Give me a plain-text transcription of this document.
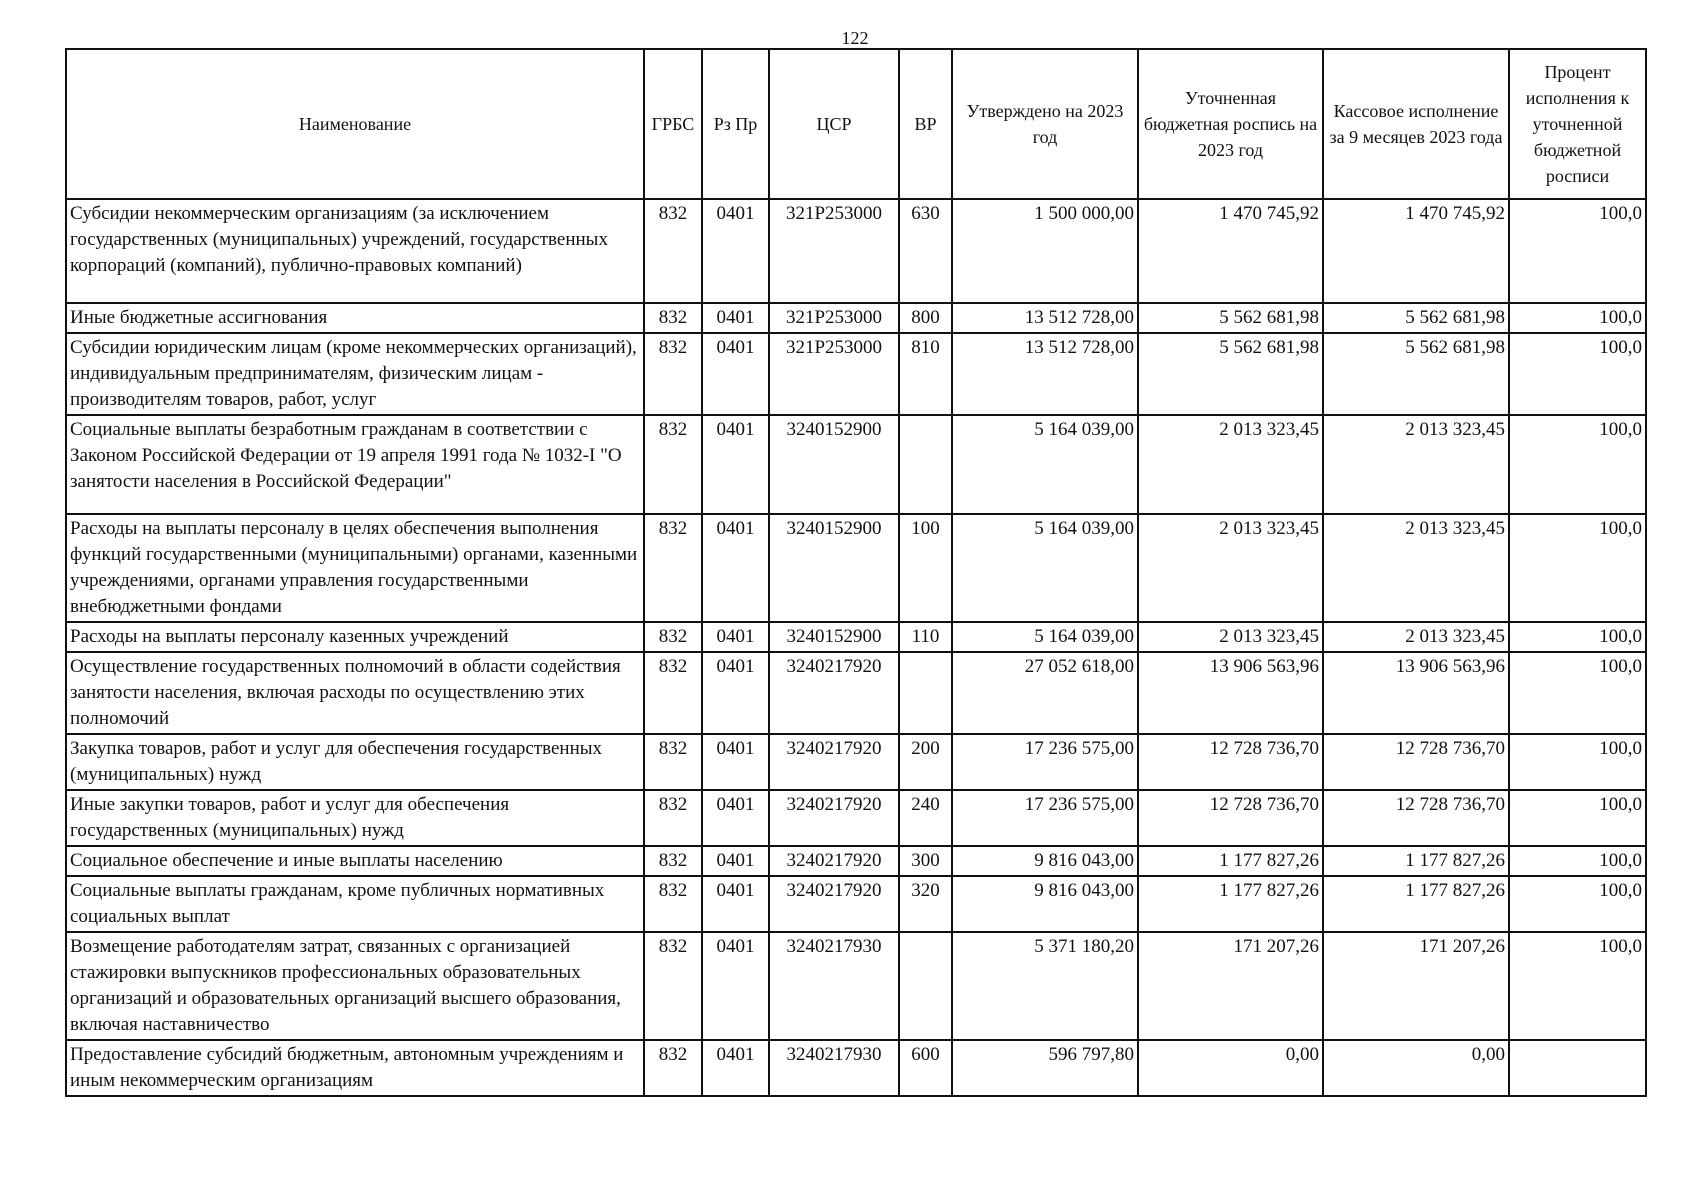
122
Наименование	ГРБС	Рз Пр	ЦСР	ВР	Утверждено на 2023 год	Уточненная бюджетная роспись на 2023 год	Кассовое исполнение за 9 месяцев 2023 года	Процент исполнения к уточненной бюджетной росписи
Субсидии некоммерческим организациям (за исключением государственных (муниципальных) учреждений, государственных корпораций (компаний), публично-правовых компаний)	832	0401	321P253000	630	1 500 000,00	1 470 745,92	1 470 745,92	100,0
Иные бюджетные ассигнования	832	0401	321P253000	800	13 512 728,00	5 562 681,98	5 562 681,98	100,0
Субсидии юридическим лицам (кроме некоммерческих организаций), индивидуальным предпринимателям, физическим лицам - производителям товаров, работ, услуг	832	0401	321P253000	810	13 512 728,00	5 562 681,98	5 562 681,98	100,0
Социальные выплаты безработным гражданам в соответствии с Законом Российской Федерации от 19 апреля 1991 года № 1032-I "О занятости населения в Российской Федерации"	832	0401	3240152900		5 164 039,00	2 013 323,45	2 013 323,45	100,0
Расходы на выплаты персоналу в целях обеспечения выполнения функций государственными (муниципальными) органами, казенными учреждениями, органами управления государственными внебюджетными фондами	832	0401	3240152900	100	5 164 039,00	2 013 323,45	2 013 323,45	100,0
Расходы на выплаты персоналу казенных учреждений	832	0401	3240152900	110	5 164 039,00	2 013 323,45	2 013 323,45	100,0
Осуществление государственных полномочий в области содействия занятости населения, включая расходы по осуществлению этих полномочий	832	0401	3240217920		27 052 618,00	13 906 563,96	13 906 563,96	100,0
Закупка товаров, работ и услуг для обеспечения государственных (муниципальных) нужд	832	0401	3240217920	200	17 236 575,00	12 728 736,70	12 728 736,70	100,0
Иные закупки товаров, работ и услуг для обеспечения государственных (муниципальных) нужд	832	0401	3240217920	240	17 236 575,00	12 728 736,70	12 728 736,70	100,0
Социальное обеспечение и иные выплаты населению	832	0401	3240217920	300	9 816 043,00	1 177 827,26	1 177 827,26	100,0
Социальные выплаты гражданам, кроме публичных нормативных социальных выплат	832	0401	3240217920	320	9 816 043,00	1 177 827,26	1 177 827,26	100,0
Возмещение работодателям затрат, связанных с организацией стажировки выпускников профессиональных образовательных организаций и образовательных организаций высшего образования, включая наставничество	832	0401	3240217930		5 371 180,20	171 207,26	171 207,26	100,0
Предоставление субсидий бюджетным, автономным учреждениям и иным некоммерческим организациям	832	0401	3240217930	600	596 797,80	0,00	0,00	
